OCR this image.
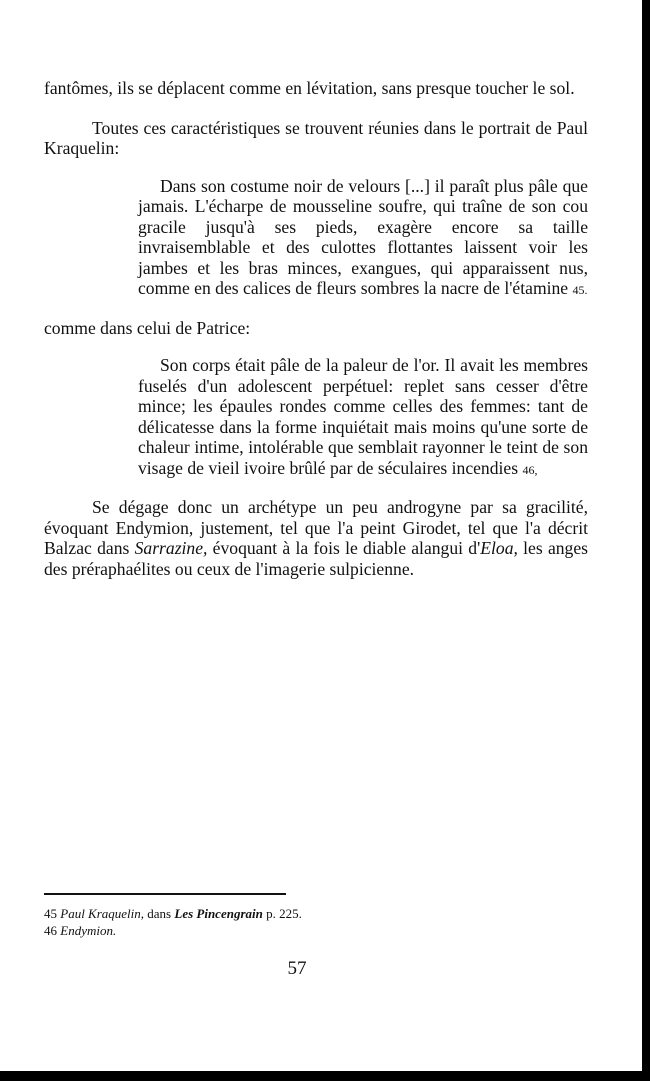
fantômes, ils se déplacent comme en lévitation, sans presque toucher le sol.

Toutes ces caractéristiques se trouvent réunies dans le portrait de Paul Kraquelin:

Dans son costume noir de velours [...] il paraît plus pâle que jamais. L'écharpe de mousseline soufre, qui traîne de son cou gracile jusqu'à ses pieds, exagère encore sa taille invraisemblable et des culottes flottantes laissent voir les jambes et les bras minces, exangues, qui apparaissent nus, comme en des calices de fleurs sombres la nacre de l'étamine 45.

comme dans celui de Patrice:

Son corps était pâle de la paleur de l'or. Il avait les membres fuselés d'un adolescent perpétuel: replet sans cesser d'être mince; les épaules rondes comme celles des femmes: tant de délicatesse dans la forme inquiétait mais moins qu'une sorte de chaleur intime, intolérable que semblait rayonner le teint de son visage de vieil ivoire brûlé par de séculaires incendies 46,

Se dégage donc un archétype un peu androgyne par sa gracilité, évoquant Endymion, justement, tel que l'a peint Girodet, tel que l'a décrit Balzac dans Sarrazine, évoquant à la fois le diable alangui d'Eloa, les anges des préraphaélites ou ceux de l'imagerie sulpicienne.

45 Paul Kraquelin, dans Les Pincengrain p. 225.
46 Endymion.
57
